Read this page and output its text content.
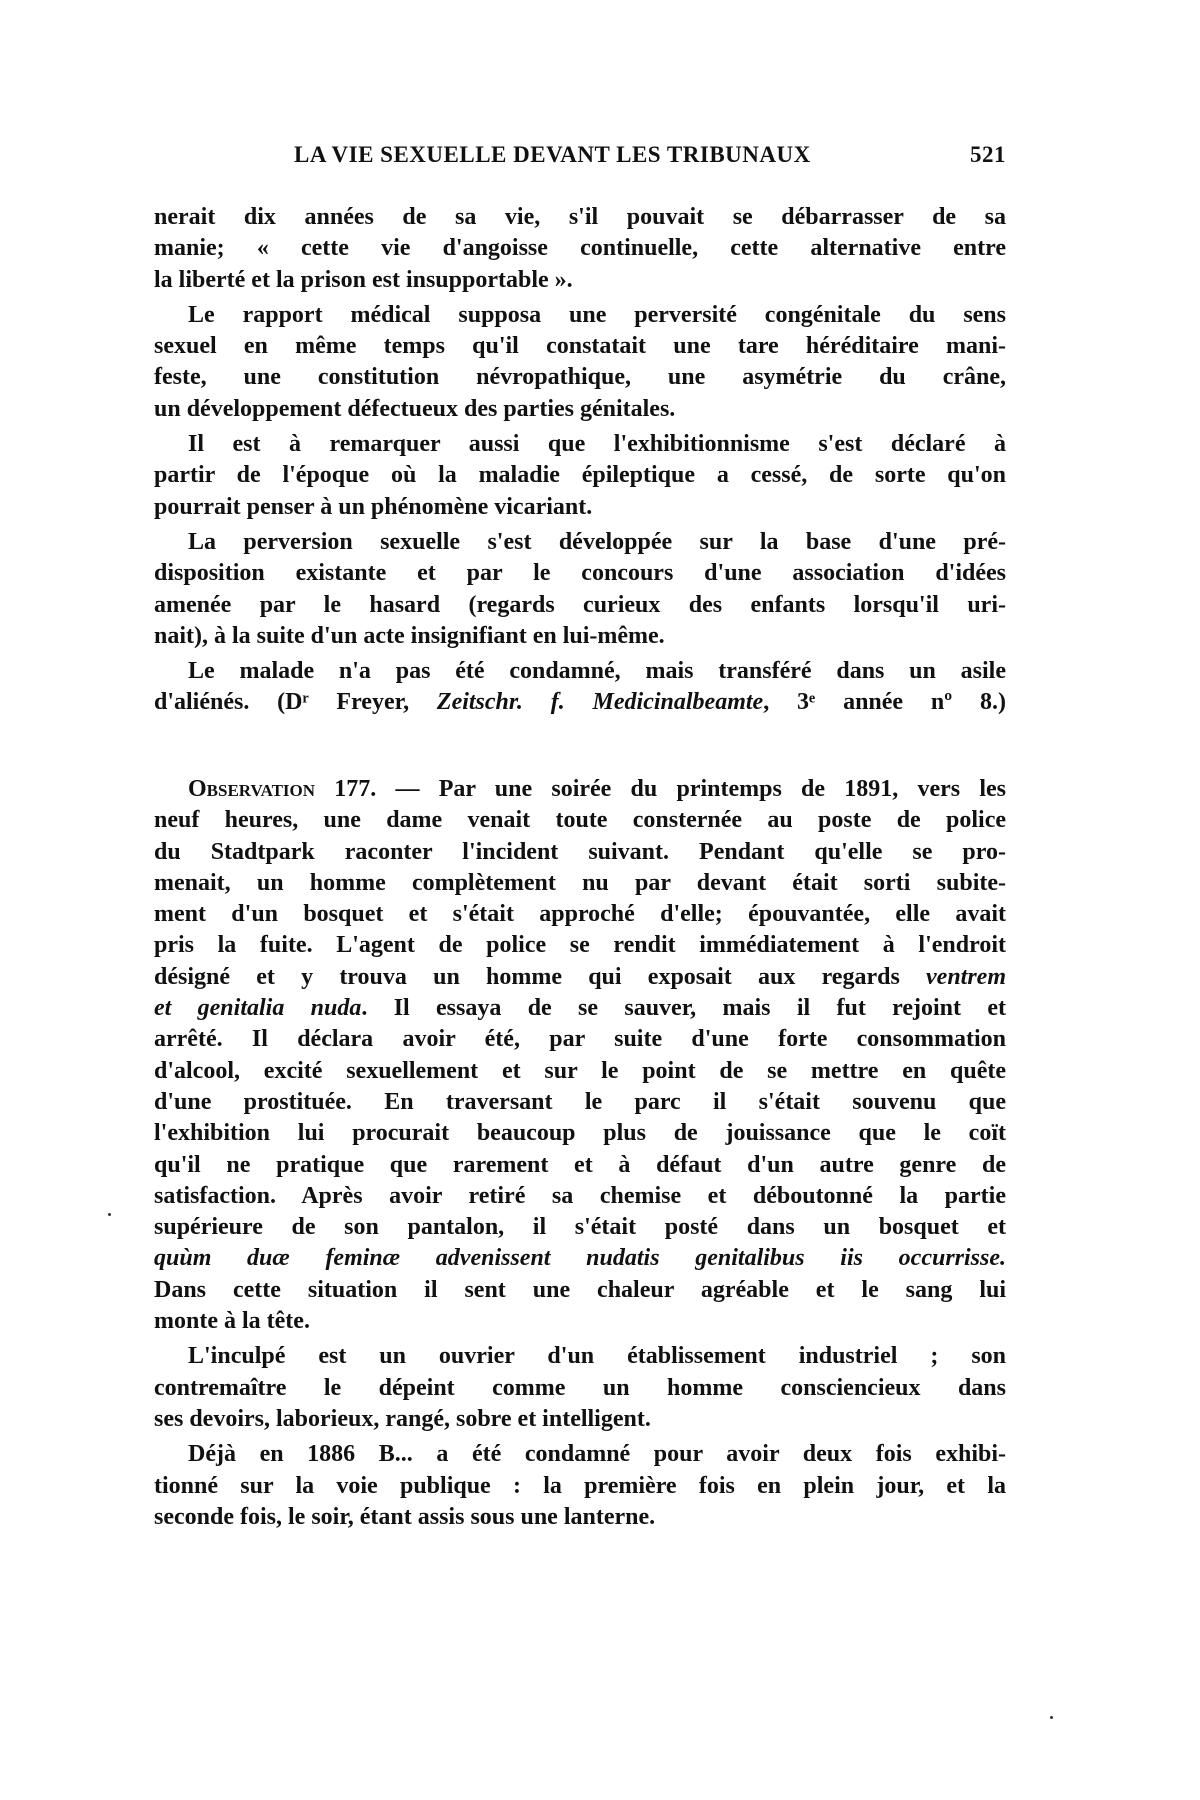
LA VIE SEXUELLE DEVANT LES TRIBUNAUX	521
nerait dix années de sa vie, s'il pouvait se débarrasser de sa
manie; « cette vie d'angoisse continuelle, cette alternative entre
la liberté et la prison est insupportable ».
Le rapport médical supposa une perversité congénitale du sens
sexuel en même temps qu'il constatait une tare héréditaire mani-
feste, une constitution névropathique, une asymétrie du crâne,
un développement défectueux des parties génitales.
Il est à remarquer aussi que l'exhibitionnisme s'est déclaré à
partir de l'époque où la maladie épileptique a cessé, de sorte qu'on
pourrait penser à un phénomène vicariant.
La perversion sexuelle s'est développée sur la base d'une pré-
disposition existante et par le concours d'une association d'idées
amenée par le hasard (regards curieux des enfants lorsqu'il uri-
nait), à la suite d'un acte insignifiant en lui-même.
Le malade n'a pas été condamné, mais transféré dans un asile
d'aliénés. (Dʳ Freyer, Zeitschr. f. Medicinalbeamte, 3ᵉ année nº 8.)
Observation 177. — Par une soirée du printemps de 1891, vers les
neuf heures, une dame venait toute consternée au poste de police
du Stadtpark raconter l'incident suivant. Pendant qu'elle se pro-
menait, un homme complètement nu par devant était sorti subite-
ment d'un bosquet et s'était approché d'elle; épouvantée, elle avait
pris la fuite. L'agent de police se rendit immédiatement à l'endroit
désigné et y trouva un homme qui exposait aux regards ventrem
et genitalia nuda. Il essaya de se sauver, mais il fut rejoint et
arrêté. Il déclara avoir été, par suite d'une forte consommation
d'alcool, excité sexuellement et sur le point de se mettre en quête
d'une prostituée. En traversant le parc il s'était souvenu que
l'exhibition lui procurait beaucoup plus de jouissance que le coït
qu'il ne pratique que rarement et à défaut d'un autre genre de
satisfaction. Après avoir retiré sa chemise et déboutonné la partie
supérieure de son pantalon, il s'était posté dans un bosquet et
quùm duæ feminæ advenissent nudatis genitalibus iis occurrisse.
Dans cette situation il sent une chaleur agréable et le sang lui
monte à la tête.
L'inculpé est un ouvrier d'un établissement industriel ; son
contremaître le dépeint comme un homme consciencieux dans
ses devoirs, laborieux, rangé, sobre et intelligent.
Déjà en 1886 B... a été condamné pour avoir deux fois exhibi-
tionné sur la voie publique : la première fois en plein jour, et la
seconde fois, le soir, étant assis sous une lanterne.
